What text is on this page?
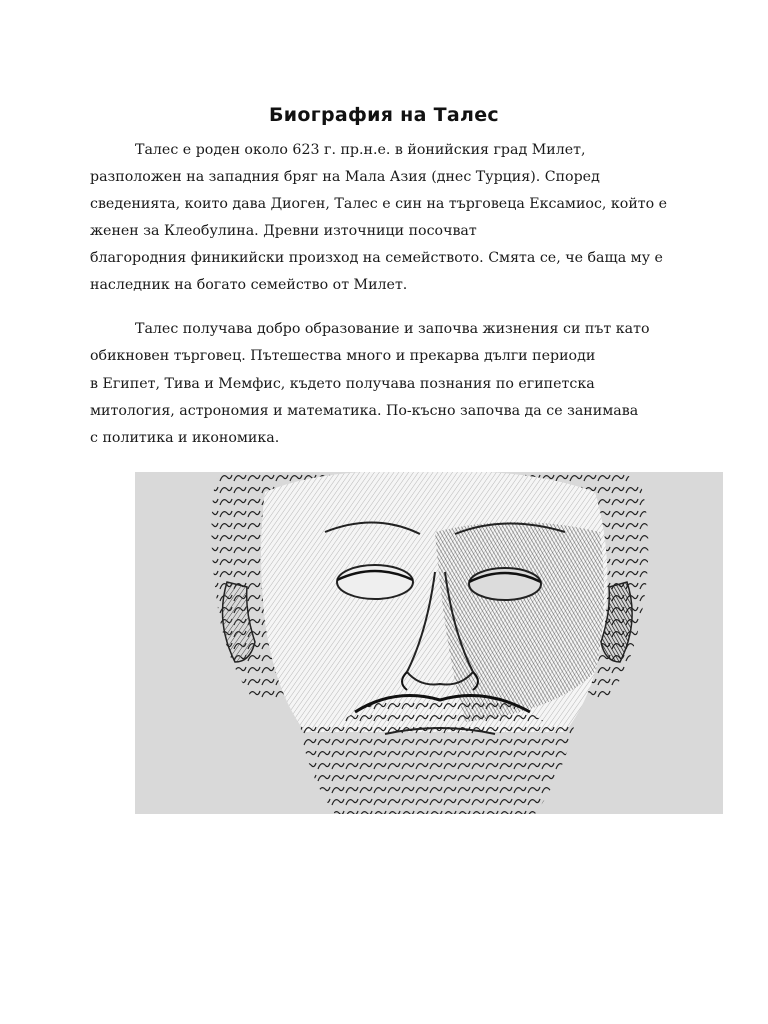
Биография на Талес
Талес е роден около 623 г. пр.н.е. в йонийския град Милет,
разположен на западния бряг на Мала Азия (днес Турция). Според
сведенията, които дава Диоген, Талес е син на търговеца Ексамиос, който е
женен за Клеобулина. Древни източници посочват
благородния финикийски произход на семейството. Смята се, че баща му е
наследник на богато семейство от Милет.
Талес получава добро образование и започва жизнения си път като
обикновен търговец. Пътешества много и прекарва дълги периоди
в Египет, Тива и Мемфис, където получава познания по египетска
митология, астрономия и математика. По-късно започва да се занимава
с политика и икономика.
